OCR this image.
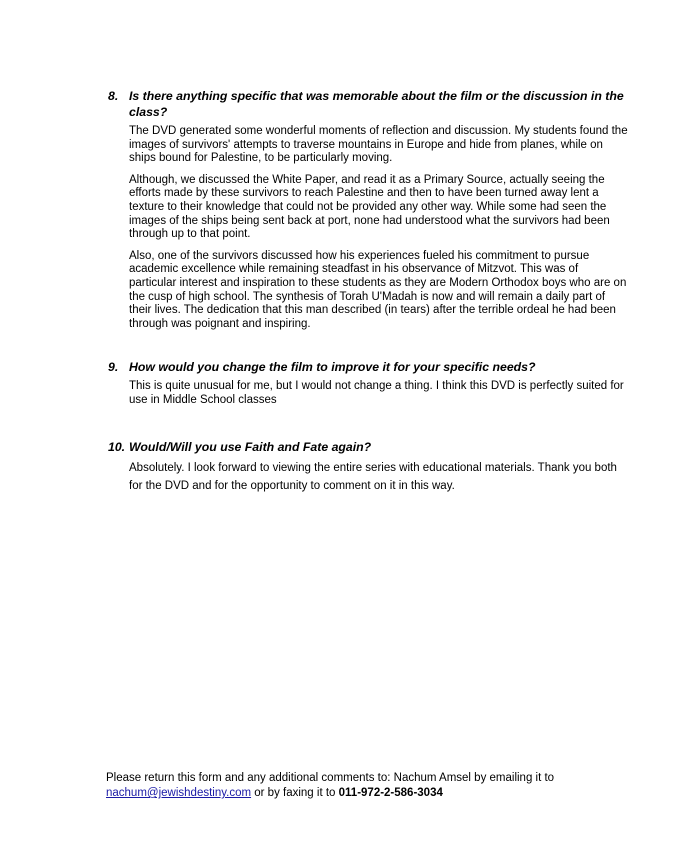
8. Is there anything specific that was memorable about the film or the discussion in the class?

The DVD generated some wonderful moments of reflection and discussion. My students found the images of survivors' attempts to traverse mountains in Europe and hide from planes, while on ships bound for Palestine, to be particularly moving.

Although, we discussed the White Paper, and read it as a Primary Source, actually seeing the efforts made by these survivors to reach Palestine and then to have been turned away lent a texture to their knowledge that could not be provided any other way. While some had seen the images of the ships being sent back at port, none had understood what the survivors had been through up to that point.

Also, one of the survivors discussed how his experiences fueled his commitment to pursue academic excellence while remaining steadfast in his observance of Mitzvot. This was of particular interest and inspiration to these students as they are Modern Orthodox boys who are on the cusp of high school. The synthesis of Torah U'Madah is now and will remain a daily part of their lives. The dedication that this man described (in tears) after the terrible ordeal he had been through was poignant and inspiring.

9. How would you change the film to improve it for your specific needs?

This is quite unusual for me, but I would not change a thing. I think this DVD is perfectly suited for use in Middle School classes

10. Would/Will you use Faith and Fate again?

Absolutely. I look forward to viewing the entire series with educational materials. Thank you both for the DVD and for the opportunity to comment on it in this way.

Please return this form and any additional comments to: Nachum Amsel by emailing it to
nachum@jewishdestiny.com or by faxing it to 011-972-2-586-3034
